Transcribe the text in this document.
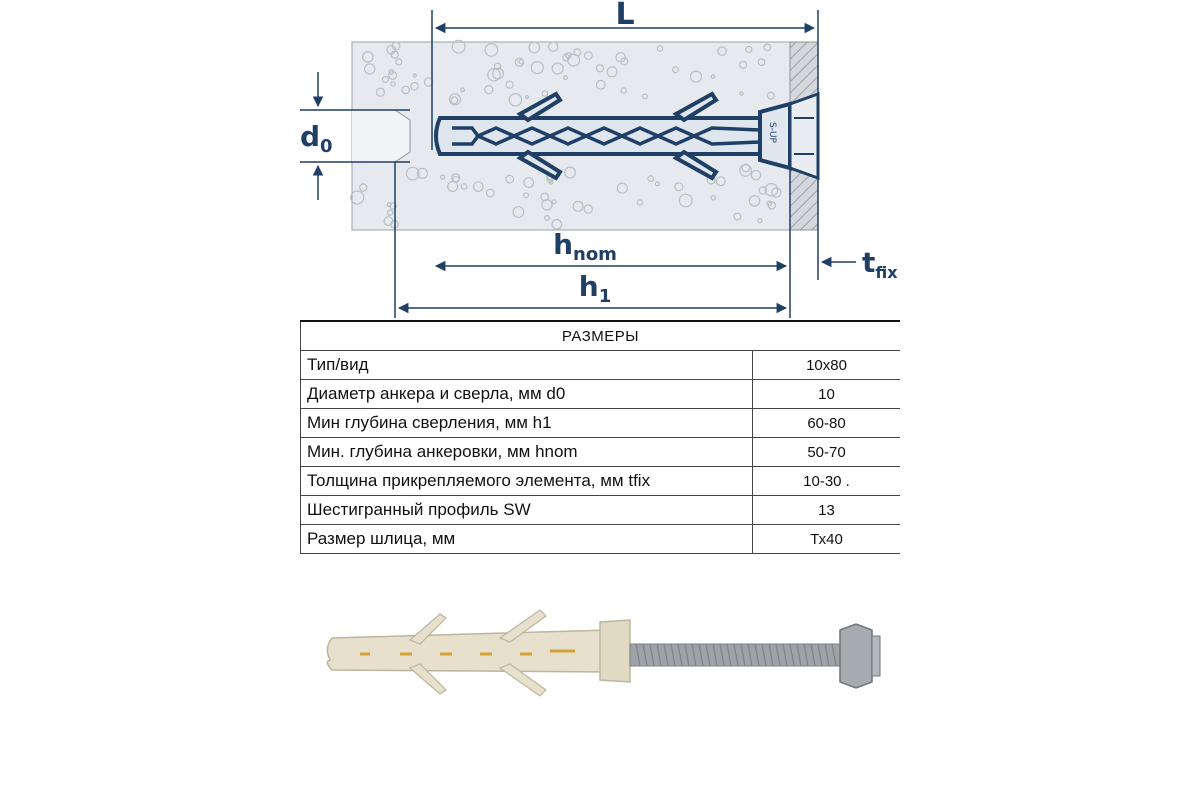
S-UP
L
$d_0$
$h_{nom}$
$h_1$
$t_{fix}$
РАЗМЕРЫ	
Тип/вид	10х80
Диаметр анкера и сверла, мм d0	10
Мин глубина сверления, мм h1	60-80
Мин. глубина анкеровки, мм hnom	50-70
Толщина прикрепляемого элемента, мм tfix	10-30 .
Шестигранный профиль SW	13
Размер шлица, мм	Тх40
